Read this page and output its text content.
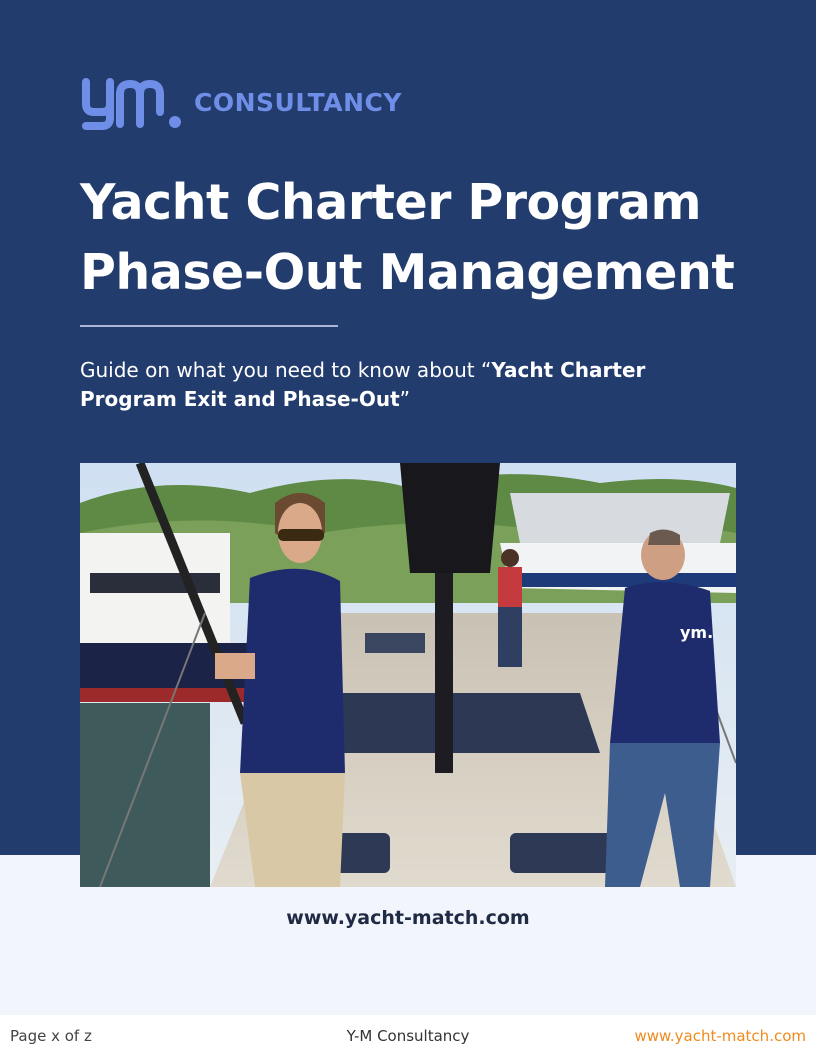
CONSULTANCY
Yacht Charter Program
Phase-Out Management
Guide on what you need to know about “Yacht Charter Program Exit and Phase-Out”
ym.
www.yacht-match.com
Page x of z	Y-M Consultancy	www.yacht-match.com
